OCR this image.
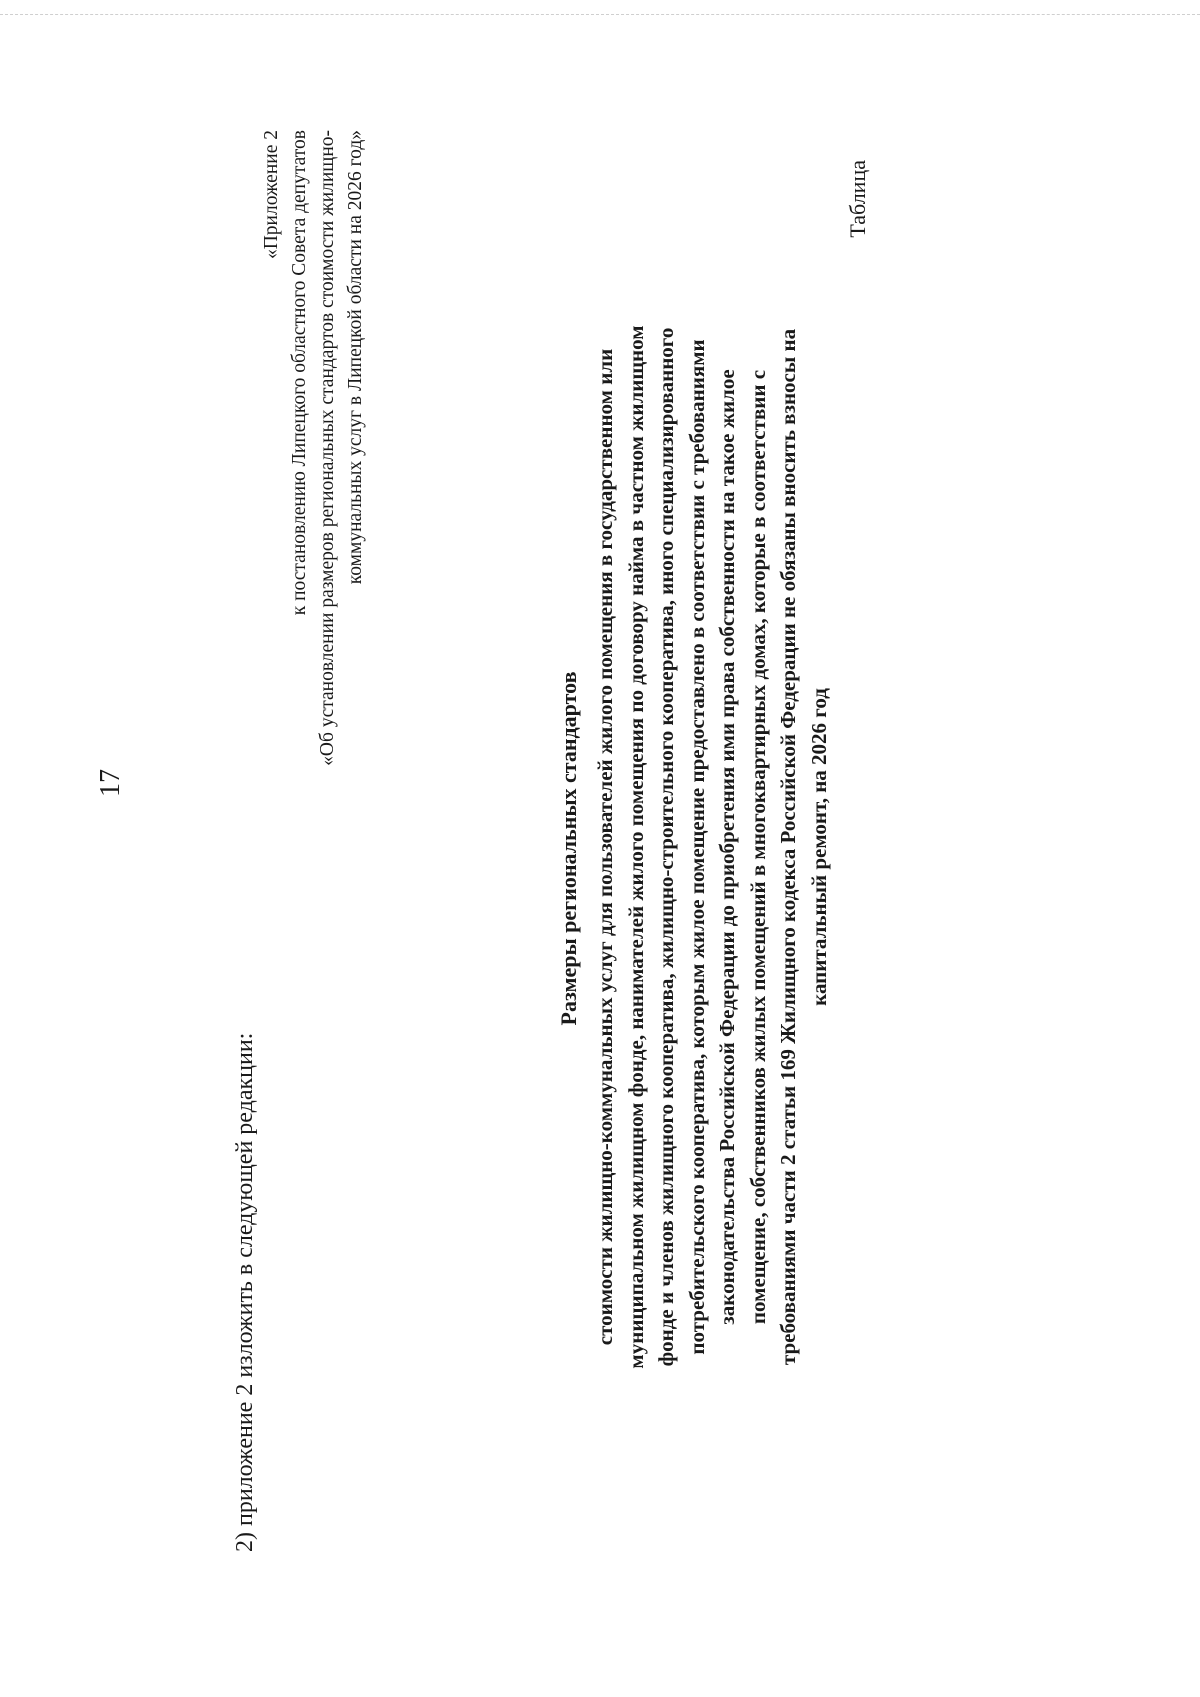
17
2) приложение 2 изложить в следующей редакции:
«Приложение 2 к постановлению Липецкого областного Совета депутатов «Об установлении размеров региональных стандартов стоимости жилищно- коммунальных услуг в Липецкой области на 2026 год»
Размеры региональных стандартов стоимости жилищно-коммунальных услуг для пользователей жилого помещения в государственном или муниципальном жилищном фонде, нанимателей жилого помещения по договору найма в частном жилищном фонде и членов жилищного кооператива, жилищно-строительного кооператива, иного специализированного потребительского кооператива, которым жилое помещение предоставлено в соответствии с требованиями законодательства Российской Федерации до приобретения ими права собственности на такое жилое помещение, собственников жилых помещений в многоквартирных домах, которые в соответствии с требованиями части 2 статьи 169 Жилищного кодекса Российской Федерации не обязаны вносить взносы на капитальный ремонт, на 2026 год
Таблица
